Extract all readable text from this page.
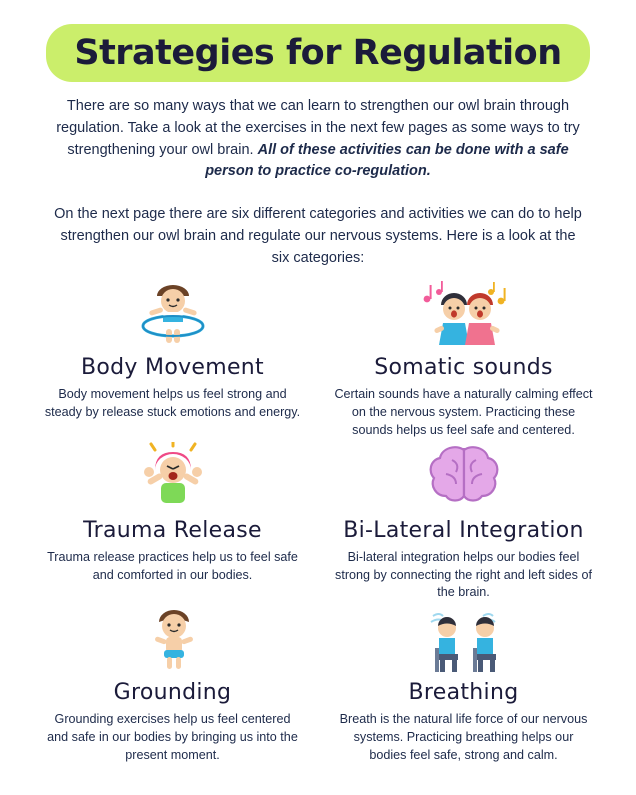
Strategies for Regulation
There are so many ways that we can learn to strengthen our owl brain through regulation. Take a look at the exercises in the next few pages as some ways to try strengthening your owl brain. All of these activities can be done with a safe person to practice co-regulation.
On the next page there are six different categories and activities we can do to help strengthen our owl brain and regulate our nervous systems. Here is a look at the six categories:
Body Movement
Body movement helps us feel strong and steady by release stuck emotions and energy.
Somatic sounds
Certain sounds have a naturally calming effect on the nervous system. Practicing these sounds helps us feel safe and centered.
Trauma Release
Trauma release practices help us to feel safe and comforted in our bodies.
Bi-Lateral Integration
Bi-lateral integration helps our bodies feel strong by connecting the right and left sides of the brain.
Grounding
Grounding exercises help us feel centered and safe in our bodies by bringing us into the present moment.
Breathing
Breath is the natural life force of our nervous systems. Practicing breathing helps our bodies feel safe, strong and calm.
